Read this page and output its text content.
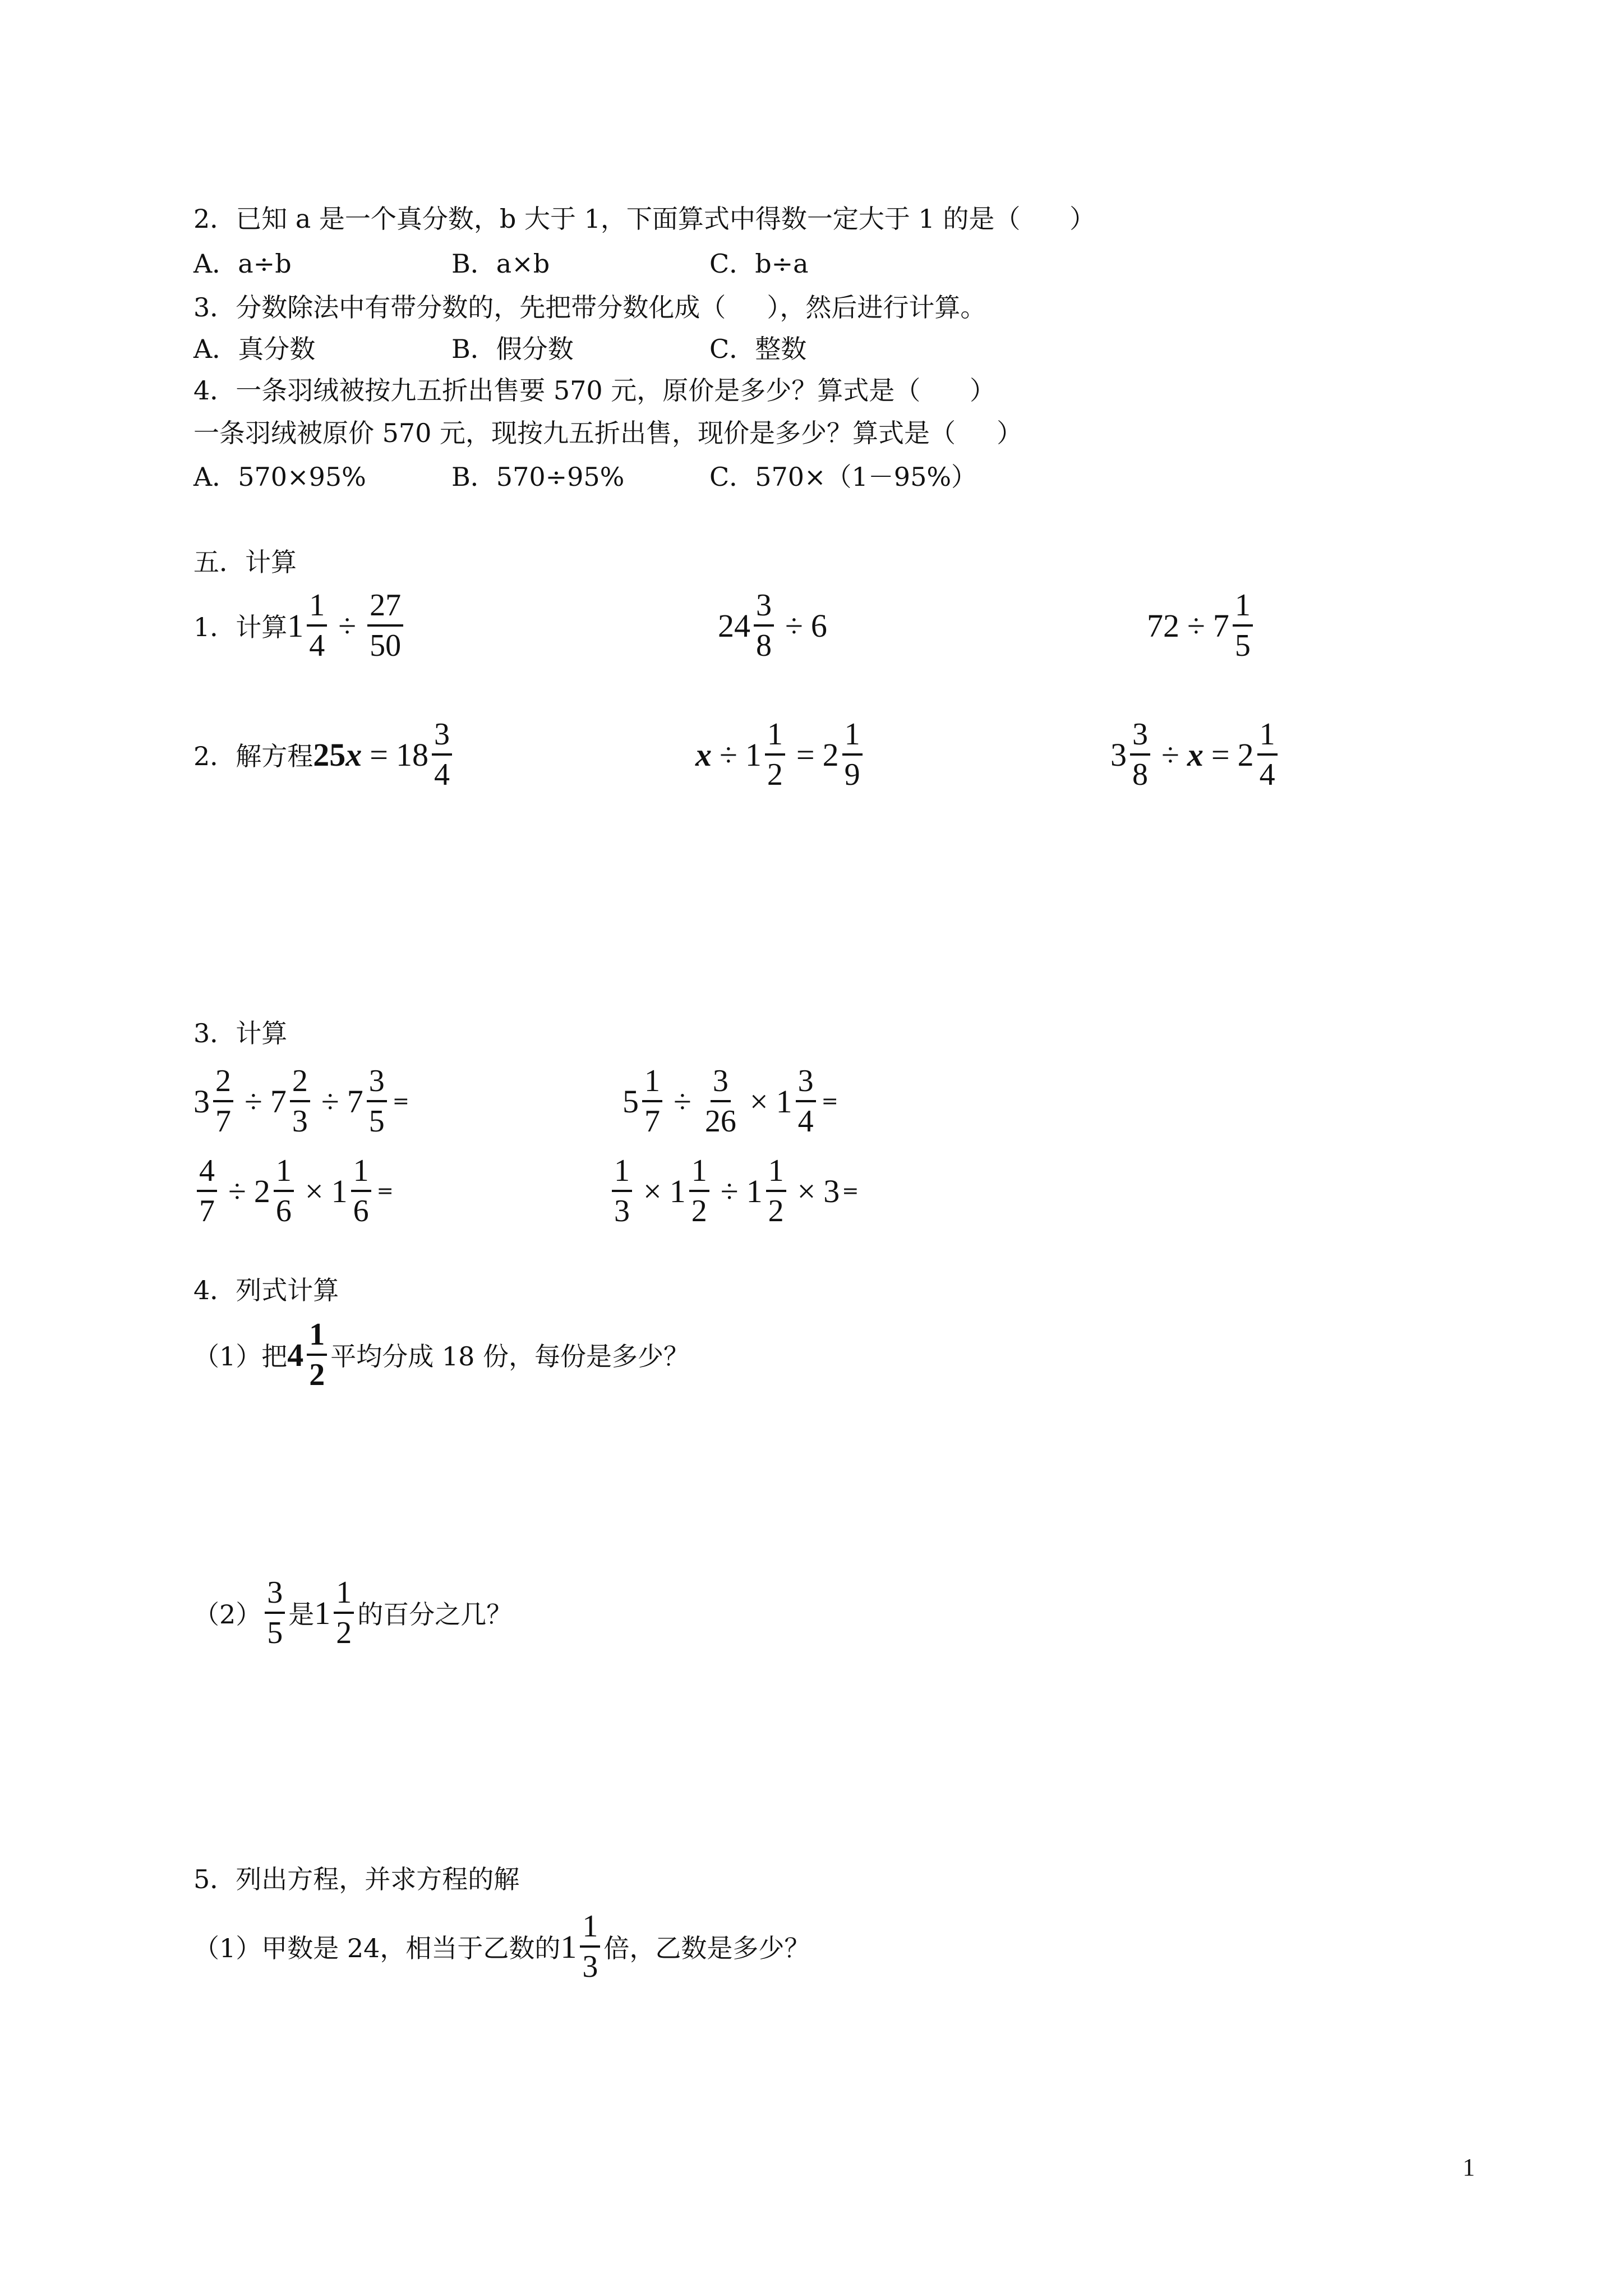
2．已知 a 是一个真分数，b 大于 1，下面算式中得数一定大于 1 的是（      ）
A．a÷b	B．a×b	C．b÷a
3．分数除法中有带分数的，先把带分数化成（     ），然后进行计算。
A．真分数	B．假分数	C．整数
4．一条羽绒被按九五折出售要 570 元，原价是多少？算式是（      ）
一条羽绒被原价 570 元，现按九五折出售，现价是多少？算式是（     ）
A．570×95%	B．570÷95%	C．570×（1－95%）
五．计算
1．计算 $1 \frac{1}{4} \div \frac{27}{50}$	$24 \frac{3}{8} \div 6$	$72 \div 7 \frac{1}{5}$
2．解方程 25 $x = 18 \frac{3}{4}$	$x \div 1 \frac{1}{2} = 2 \frac{1}{9}$	$3 \frac{3}{8} \div x = 2 \frac{1}{4}$
3．计算
$3 \frac{2}{7} \div 7 \frac{2}{3} \div 7 \frac{3}{5}$ =	$5 \frac{1}{7} \div \frac{3}{26} \times 1 \frac{3}{4}$ =
$\frac{4}{7} \div 2 \frac{1}{6} \times 1 \frac{1}{6}$ =	$\frac{1}{3} \times 1 \frac{1}{2} \div 1 \frac{1}{2} \times 3$ =
4．列式计算
（1）把 $4 \frac{1}{2}$ 平均分成 18 份，每份是多少？
$(2) \frac{3}{5}$ 是 $1 \frac{1}{2}$ 的百分之几？
5．列出方程，并求方程的解
（1）甲数是 24，相当于乙数的 $1 \frac{1}{3}$ 倍，乙数是多少？
1
